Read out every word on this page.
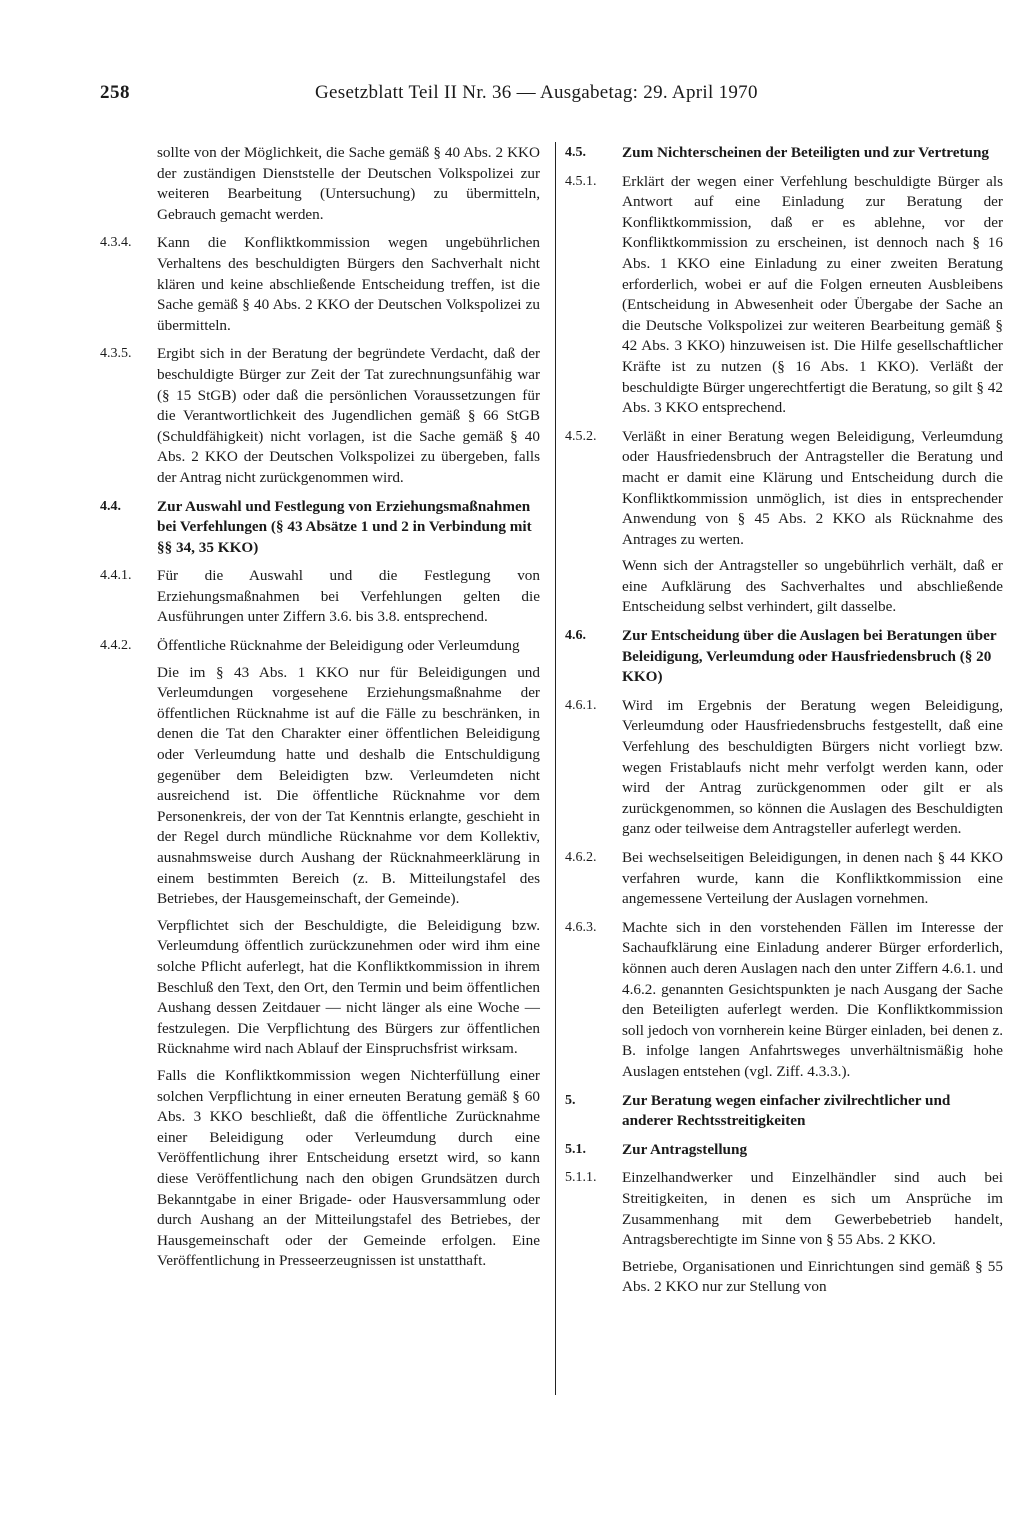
258	Gesetzblatt Teil II Nr. 36 — Ausgabetag: 29. April 1970

sollte von der Möglichkeit, die Sache gemäß § 40 Abs. 2 KKO der zuständigen Dienststelle der Deutschen Volkspolizei zur weiteren Bearbeitung (Untersuchung) zu übermitteln, Gebrauch gemacht werden.

4.3.4. Kann die Konfliktkommission wegen ungebührlichen Verhaltens des beschuldigten Bürgers den Sachverhalt nicht klären und keine abschließende Entscheidung treffen, ist die Sache gemäß § 40 Abs. 2 KKO der Deutschen Volkspolizei zu übermitteln.

4.3.5. Ergibt sich in der Beratung der begründete Verdacht, daß der beschuldigte Bürger zur Zeit der Tat zurechnungsunfähig war (§ 15 StGB) oder daß die persönlichen Voraussetzungen für die Verantwortlichkeit des Jugendlichen gemäß § 66 StGB (Schuldfähigkeit) nicht vorlagen, ist die Sache gemäß § 40 Abs. 2 KKO der Deutschen Volkspolizei zu übergeben, falls der Antrag nicht zurückgenommen wird.

4.4. Zur Auswahl und Festlegung von Erziehungsmaßnahmen bei Verfehlungen (§ 43 Absätze 1 und 2 in Verbindung mit §§ 34, 35 KKO)

4.4.1. Für die Auswahl und die Festlegung von Erziehungsmaßnahmen bei Verfehlungen gelten die Ausführungen unter Ziffern 3.6. bis 3.8. entsprechend.

4.4.2. Öffentliche Rücknahme der Beleidigung oder Verleumdung

Die im § 43 Abs. 1 KKO nur für Beleidigungen und Verleumdungen vorgesehene Erziehungsmaßnahme der öffentlichen Rücknahme ist auf die Fälle zu beschränken, in denen die Tat den Charakter einer öffentlichen Beleidigung oder Verleumdung hatte und deshalb die Entschuldigung gegenüber dem Beleidigten bzw. Verleumdeten nicht ausreichend ist. Die öffentliche Rücknahme vor dem Personenkreis, der von der Tat Kenntnis erlangte, geschieht in der Regel durch mündliche Rücknahme vor dem Kollektiv, ausnahmsweise durch Aushang der Rücknahmeerklärung in einem bestimmten Bereich (z. B. Mitteilungstafel des Betriebes, der Hausgemeinschaft, der Gemeinde).

Verpflichtet sich der Beschuldigte, die Beleidigung bzw. Verleumdung öffentlich zurückzunehmen oder wird ihm eine solche Pflicht auferlegt, hat die Konfliktkommission in ihrem Beschluß den Text, den Ort, den Termin und beim öffentlichen Aushang dessen Zeitdauer — nicht länger als eine Woche — festzulegen. Die Verpflichtung des Bürgers zur öffentlichen Rücknahme wird nach Ablauf der Einspruchsfrist wirksam.

Falls die Konfliktkommission wegen Nichterfüllung einer solchen Verpflichtung in einer erneuten Beratung gemäß § 60 Abs. 3 KKO beschließt, daß die öffentliche Zurücknahme einer Beleidigung oder Verleumdung durch eine Veröffentlichung ihrer Entscheidung ersetzt wird, so kann diese Veröffentlichung nach den obigen Grundsätzen durch Bekanntgabe in einer Brigade- oder Hausversammlung oder durch Aushang an der Mitteilungstafel des Betriebes, der Hausgemeinschaft oder der Gemeinde erfolgen. Eine Veröffentlichung in Presseerzeugnissen ist unstatthaft.

4.5. Zum Nichterscheinen der Beteiligten und zur Vertretung

4.5.1. Erklärt der wegen einer Verfehlung beschuldigte Bürger als Antwort auf eine Einladung zur Beratung der Konfliktkommission, daß er es ablehne, vor der Konfliktkommission zu erscheinen, ist dennoch nach § 16 Abs. 1 KKO eine Einladung zu einer zweiten Beratung erforderlich, wobei er auf die Folgen erneuten Ausbleibens (Entscheidung in Abwesenheit oder Übergabe der Sache an die Deutsche Volkspolizei zur weiteren Bearbeitung gemäß § 42 Abs. 3 KKO) hinzuweisen ist. Die Hilfe gesellschaftlicher Kräfte ist zu nutzen (§ 16 Abs. 1 KKO). Verläßt der beschuldigte Bürger ungerechtfertigt die Beratung, so gilt § 42 Abs. 3 KKO entsprechend.

4.5.2. Verläßt in einer Beratung wegen Beleidigung, Verleumdung oder Hausfriedensbruch der Antragsteller die Beratung und macht er damit eine Klärung und Entscheidung durch die Konfliktkommission unmöglich, ist dies in entsprechender Anwendung von § 45 Abs. 2 KKO als Rücknahme des Antrages zu werten.

Wenn sich der Antragsteller so ungebührlich verhält, daß er eine Aufklärung des Sachverhaltes und abschließende Entscheidung selbst verhindert, gilt dasselbe.

4.6. Zur Entscheidung über die Auslagen bei Beratungen über Beleidigung, Verleumdung oder Hausfriedensbruch (§ 20 KKO)

4.6.1. Wird im Ergebnis der Beratung wegen Beleidigung, Verleumdung oder Hausfriedensbruchs festgestellt, daß eine Verfehlung des beschuldigten Bürgers nicht vorliegt bzw. wegen Fristablaufs nicht mehr verfolgt werden kann, oder wird der Antrag zurückgenommen oder gilt er als zurückgenommen, so können die Auslagen des Beschuldigten ganz oder teilweise dem Antragsteller auferlegt werden.

4.6.2. Bei wechselseitigen Beleidigungen, in denen nach § 44 KKO verfahren wurde, kann die Konfliktkommission eine angemessene Verteilung der Auslagen vornehmen.

4.6.3. Machte sich in den vorstehenden Fällen im Interesse der Sachaufklärung eine Einladung anderer Bürger erforderlich, können auch deren Auslagen nach den unter Ziffern 4.6.1. und 4.6.2. genannten Gesichtspunkten je nach Ausgang der Sache den Beteiligten auferlegt werden. Die Konfliktkommission soll jedoch von vornherein keine Bürger einladen, bei denen z. B. infolge langen Anfahrtsweges unverhältnismäßig hohe Auslagen entstehen (vgl. Ziff. 4.3.3.).

5.	Zur Beratung wegen einfacher zivilrechtlicher und anderer Rechtsstreitigkeiten

5.1. Zur Antragstellung

5.1.1. Einzelhandwerker und Einzelhändler sind auch bei Streitigkeiten, in denen es sich um Ansprüche im Zusammenhang mit dem Gewerbebetrieb handelt, Antragsberechtigte im Sinne von § 55 Abs. 2 KKO.

Betriebe, Organisationen und Einrichtungen sind gemäß § 55 Abs. 2 KKO nur zur Stellung von
